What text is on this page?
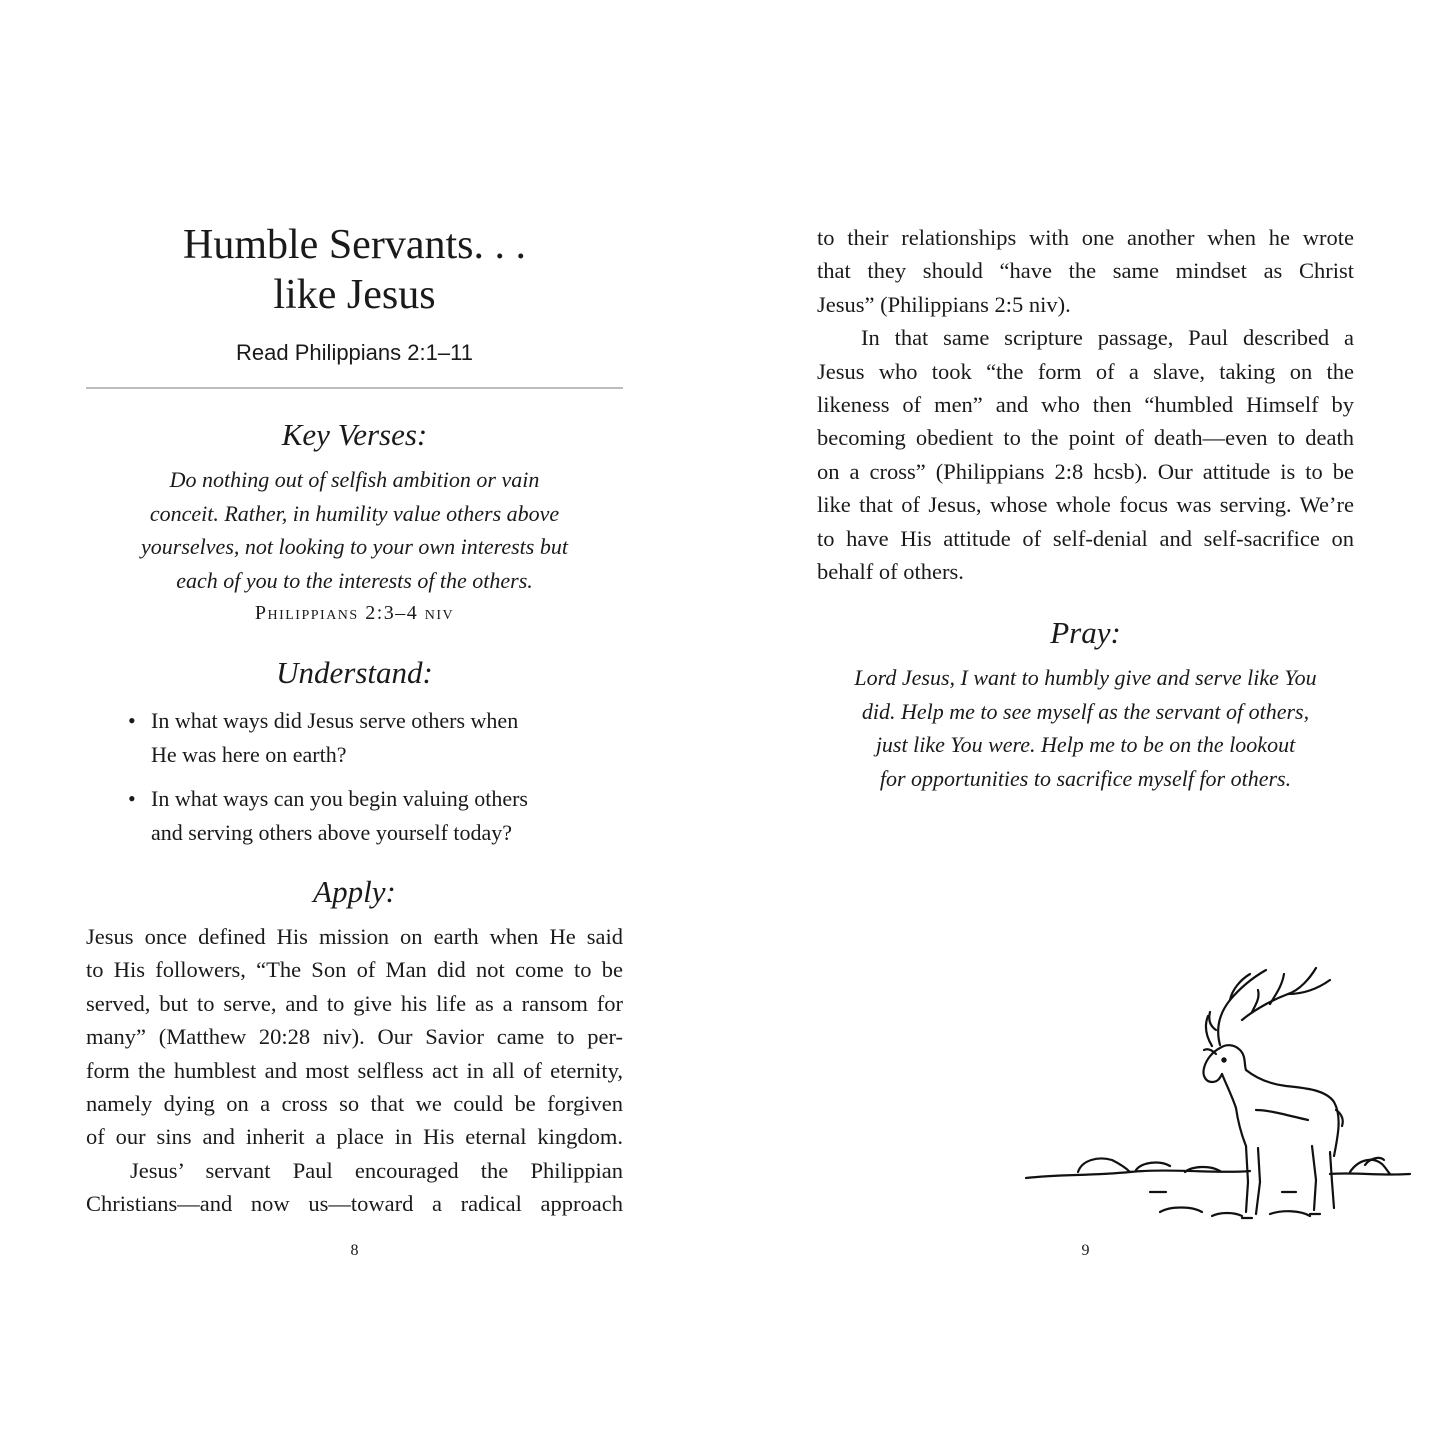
Humble Servants. . .
like Jesus
Read Philippians 2:1–11
Key Verses:
Do nothing out of selfish ambition or vain
conceit. Rather, in humility value others above
yourselves, not looking to your own interests but
each of you to the interests of the others.
Philippians 2:3–4 niv
Understand:
• In what ways did Jesus serve others when
He was here on earth?
• In what ways can you begin valuing others
and serving others above yourself today?
Apply:
Jesus once defined His mission on earth when He said
to His followers, “The Son of Man did not come to be
served, but to serve, and to give his life as a ransom for
many” (Matthew 20:28 niv). Our Savior came to per-
form the humblest and most selfless act in all of eternity,
namely dying on a cross so that we could be forgiven
of our sins and inherit a place in His eternal kingdom.
Jesus’ servant Paul encouraged the Philippian
Christians—and now us—toward a radical approach
8
to their relationships with one another when he wrote
that they should “have the same mindset as Christ
Jesus” (Philippians 2:5 niv).
In that same scripture passage, Paul described a
Jesus who took “the form of a slave, taking on the
likeness of men” and who then “humbled Himself by
becoming obedient to the point of death—even to death
on a cross” (Philippians 2:8 hcsb). Our attitude is to be
like that of Jesus, whose whole focus was serving. We’re
to have His attitude of self-denial and self-sacrifice on
behalf of others.
Pray:
Lord Jesus, I want to humbly give and serve like You
did. Help me to see myself as the servant of others,
just like You were. Help me to be on the lookout
for opportunities to sacrifice myself for others.
9
